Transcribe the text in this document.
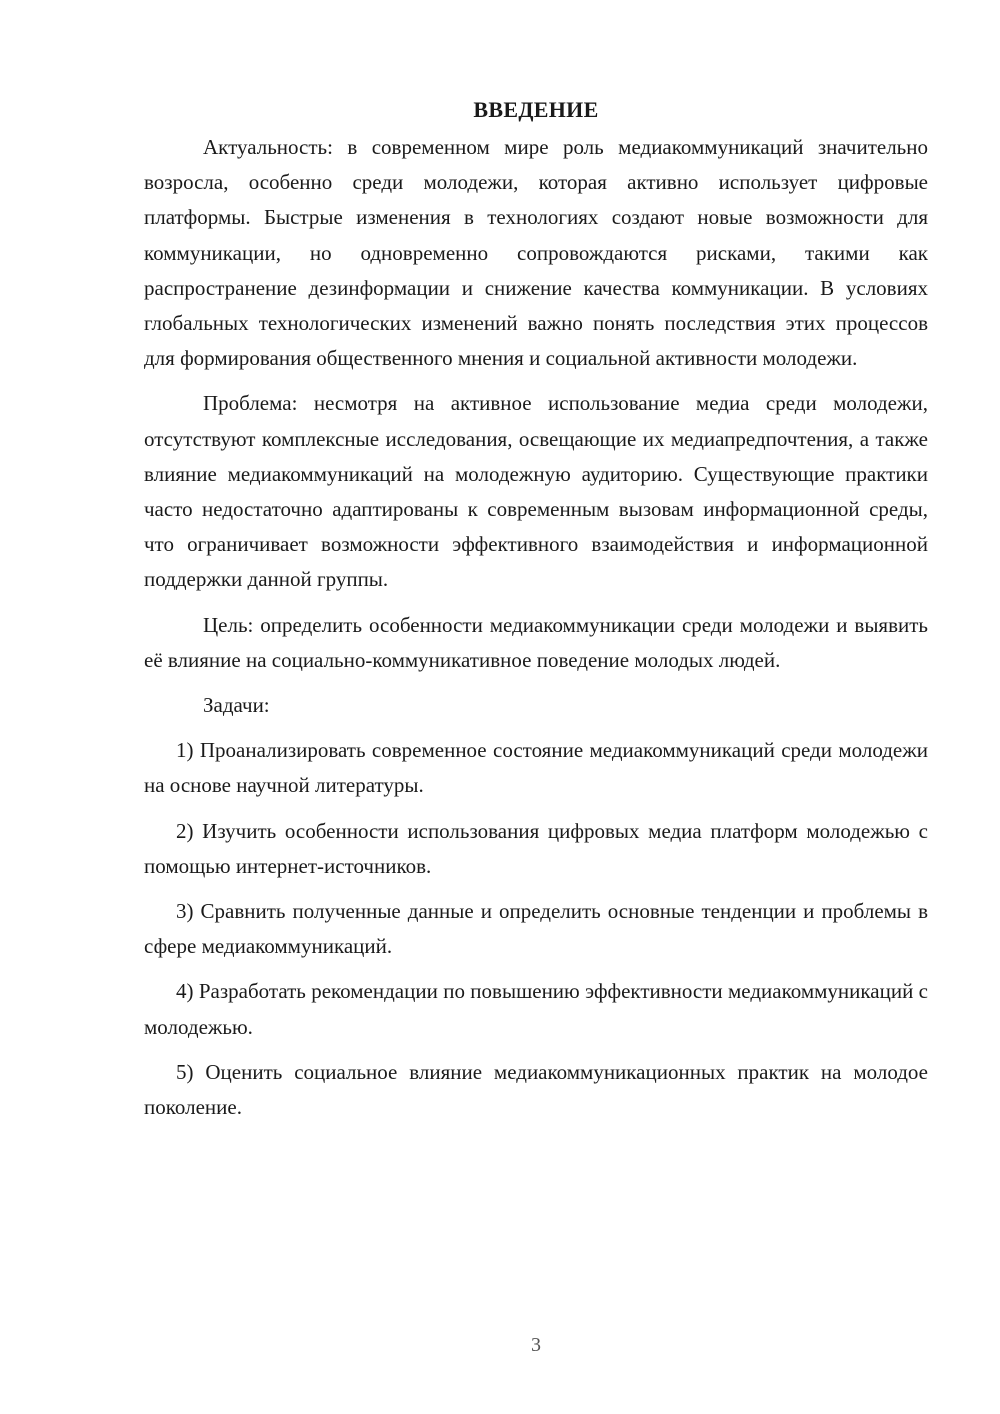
ВВЕДЕНИЕ

Актуальность: в современном мире роль медиакоммуникаций значительно возросла, особенно среди молодежи, которая активно использует цифровые платформы. Быстрые изменения в технологиях создают новые возможности для коммуникации, но одновременно сопровождаются рисками, такими как распространение дезинформации и снижение качества коммуникации. В условиях глобальных технологических изменений важно понять последствия этих процессов для формирования общественного мнения и социальной активности молодежи.

Проблема: несмотря на активное использование медиа среди молодежи, отсутствуют комплексные исследования, освещающие их медиапредпочтения, а также влияние медиакоммуникаций на молодежную аудиторию. Существующие практики часто недостаточно адаптированы к современным вызовам информационной среды, что ограничивает возможности эффективного взаимодействия и информационной поддержки данной группы.

Цель: определить особенности медиакоммуникации среди молодежи и выявить её влияние на социально-коммуникативное поведение молодых людей.

Задачи:

1) Проанализировать современное состояние медиакоммуникаций среди молодежи на основе научной литературы.

2) Изучить особенности использования цифровых медиа платформ молодежью с помощью интернет-источников.

3) Сравнить полученные данные и определить основные тенденции и проблемы в сфере медиакоммуникаций.

4) Разработать рекомендации по повышению эффективности медиакоммуникаций с молодежью.

5) Оценить социальное влияние медиакоммуникационных практик на молодое поколение.

3
